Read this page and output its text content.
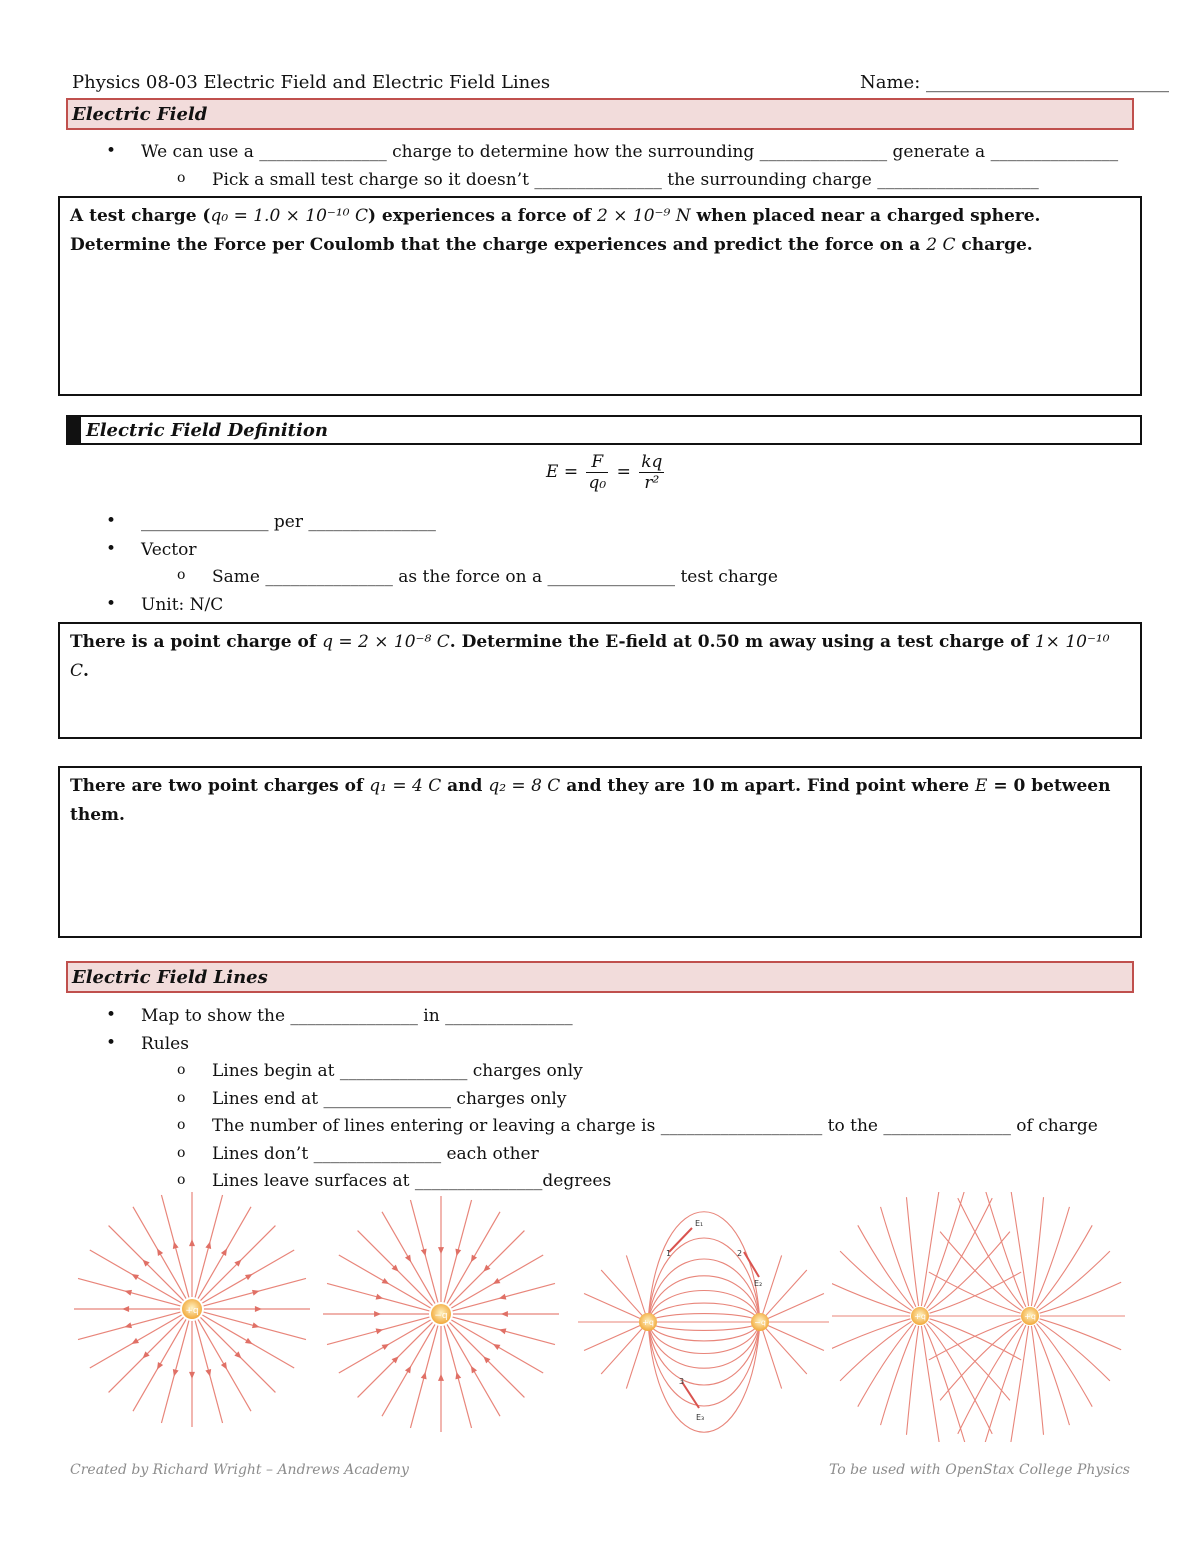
Physics 08-03 Electric Field and Electric Field Lines	Name: ___________________________
Electric Field
• We can use a _______________ charge to determine how the surrounding _______________ generate a _______________
o Pick a small test charge so it doesn’t _______________ the surrounding charge ___________________
A test charge (q₀ = 1.0 × 10⁻¹⁰ C) experiences a force of 2 × 10⁻⁹ N when placed near a charged sphere. Determine the Force per Coulomb that the charge experiences and predict the force on a 2 C charge.
Electric Field Definition
$E = \frac{F}{\text{q₀}} = \frac{kq}{\text{r²}}$
• _______________ per _______________
• Vector
o Same _______________ as the force on a _______________ test charge
• Unit: N/C
There is a point charge of q = 2 × 10⁻⁸ C. Determine the E-field at 0.50 m away using a test charge of 1× 10⁻¹⁰ C.
There are two point charges of q₁ = 4 C and q₂ = 8 C and they are 10 m apart. Find point where E = 0 between them.
Electric Field Lines
• Map to show the _______________ in _______________
• Rules
o Lines begin at _______________ charges only
o Lines end at _______________ charges only
o The number of lines entering or leaving a charge is ___________________ to the _______________ of charge
o Lines don’t _______________ each other
o Lines leave surfaces at _______________degrees
+q	−q
E₁
E₂
E₃
1	2
3
+q	−q
+q	+q
Created by Richard Wright – Andrews Academy	To be used with OpenStax College Physics
